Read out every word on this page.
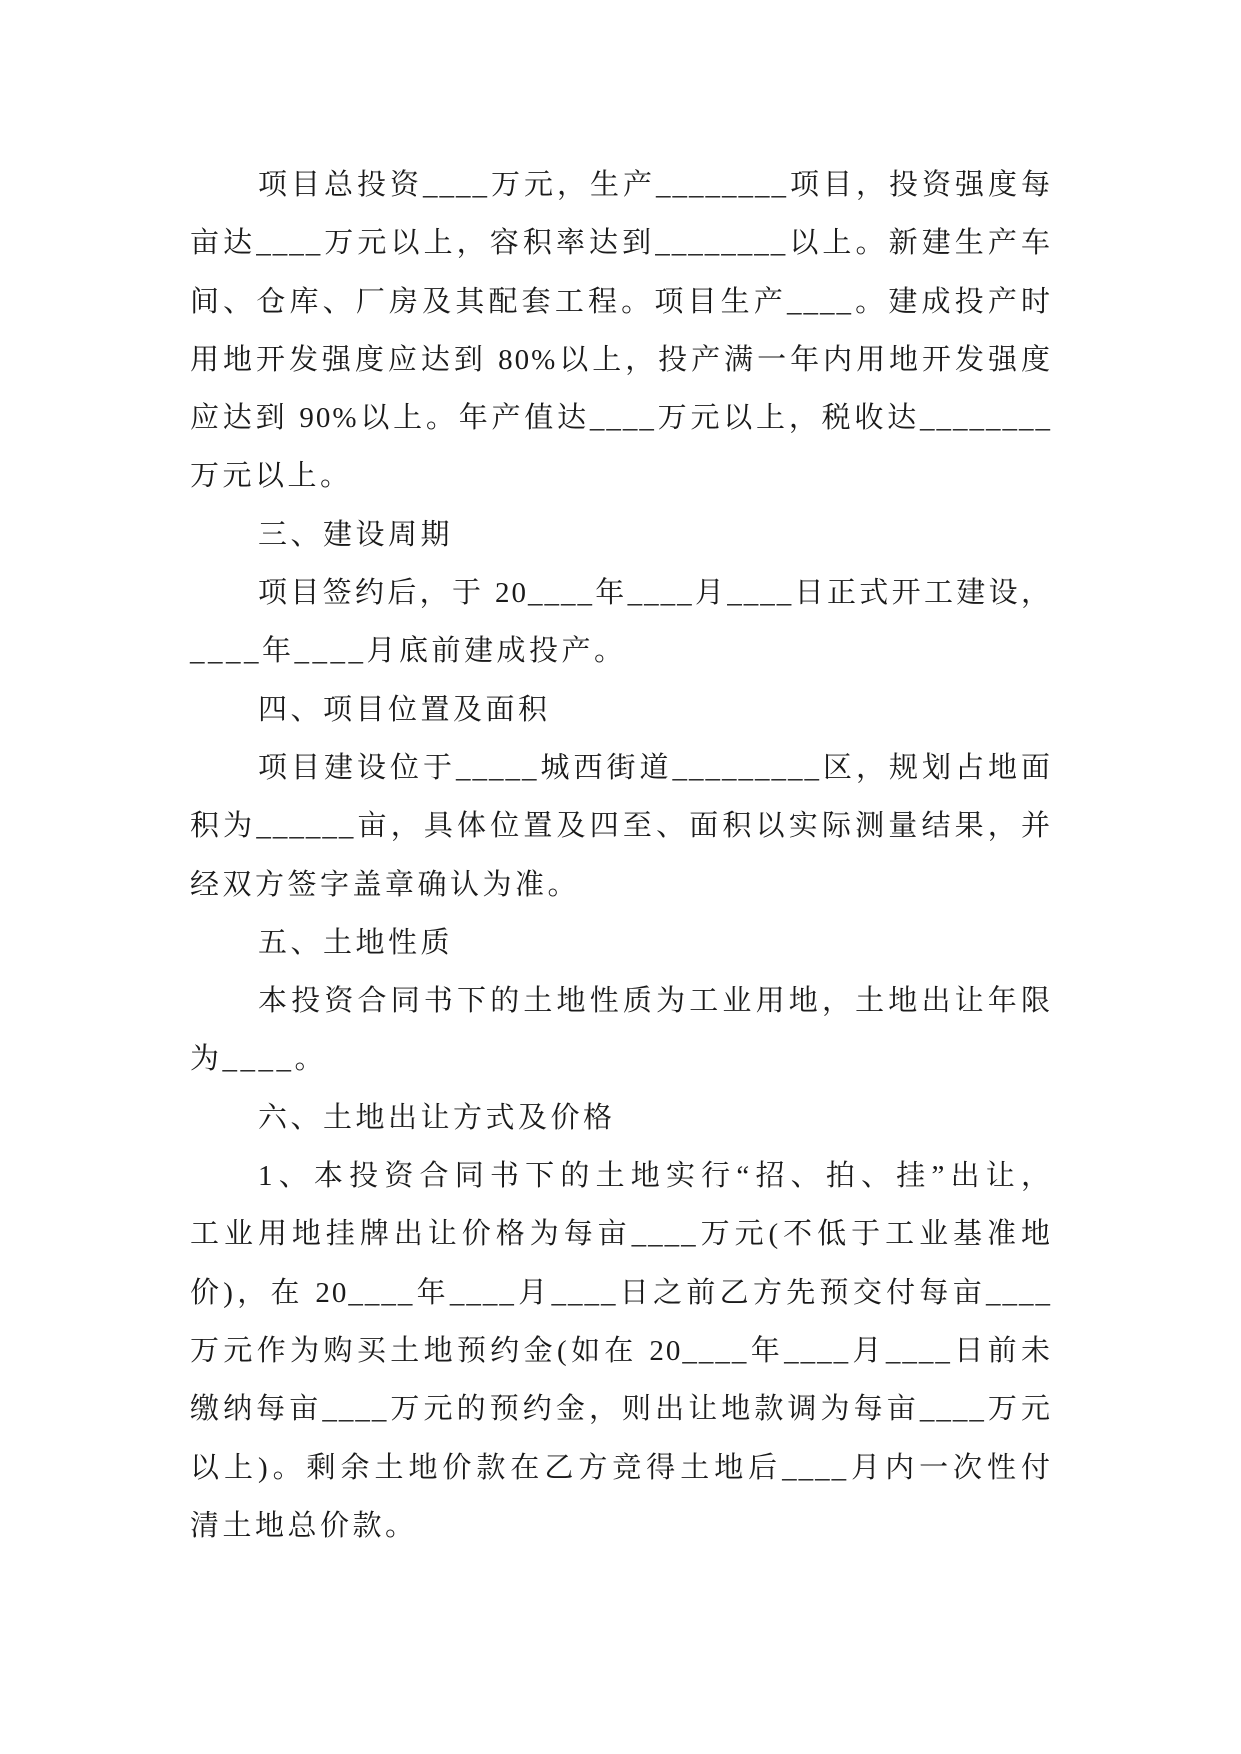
项目总投资____万元，生产________项目，投资强度每
亩达____万元以上，容积率达到________以上。新建生产车
间、仓库、厂房及其配套工程。项目生产____。建成投产时
用地开发强度应达到 80%以上，投产满一年内用地开发强度
应达到 90%以上。年产值达____万元以上，税收达________
万元以上。
三、建设周期
项目签约后，于 20____年____月____日正式开工建设，
____年____月底前建成投产。
四、项目位置及面积
项目建设位于_____城西街道_________区，规划占地面
积为______亩，具体位置及四至、面积以实际测量结果，并
经双方签字盖章确认为准。
五、土地性质
本投资合同书下的土地性质为工业用地，土地出让年限
为____。
六、土地出让方式及价格
1、本投资合同书下的土地实行“招、拍、挂”出让，
工业用地挂牌出让价格为每亩____万元(不低于工业基准地
价)，在 20____年____月____日之前乙方先预交付每亩____
万元作为购买土地预约金(如在 20____年____月____日前未
缴纳每亩____万元的预约金，则出让地款调为每亩____万元
以上)。剩余土地价款在乙方竞得土地后____月内一次性付
清土地总价款。
